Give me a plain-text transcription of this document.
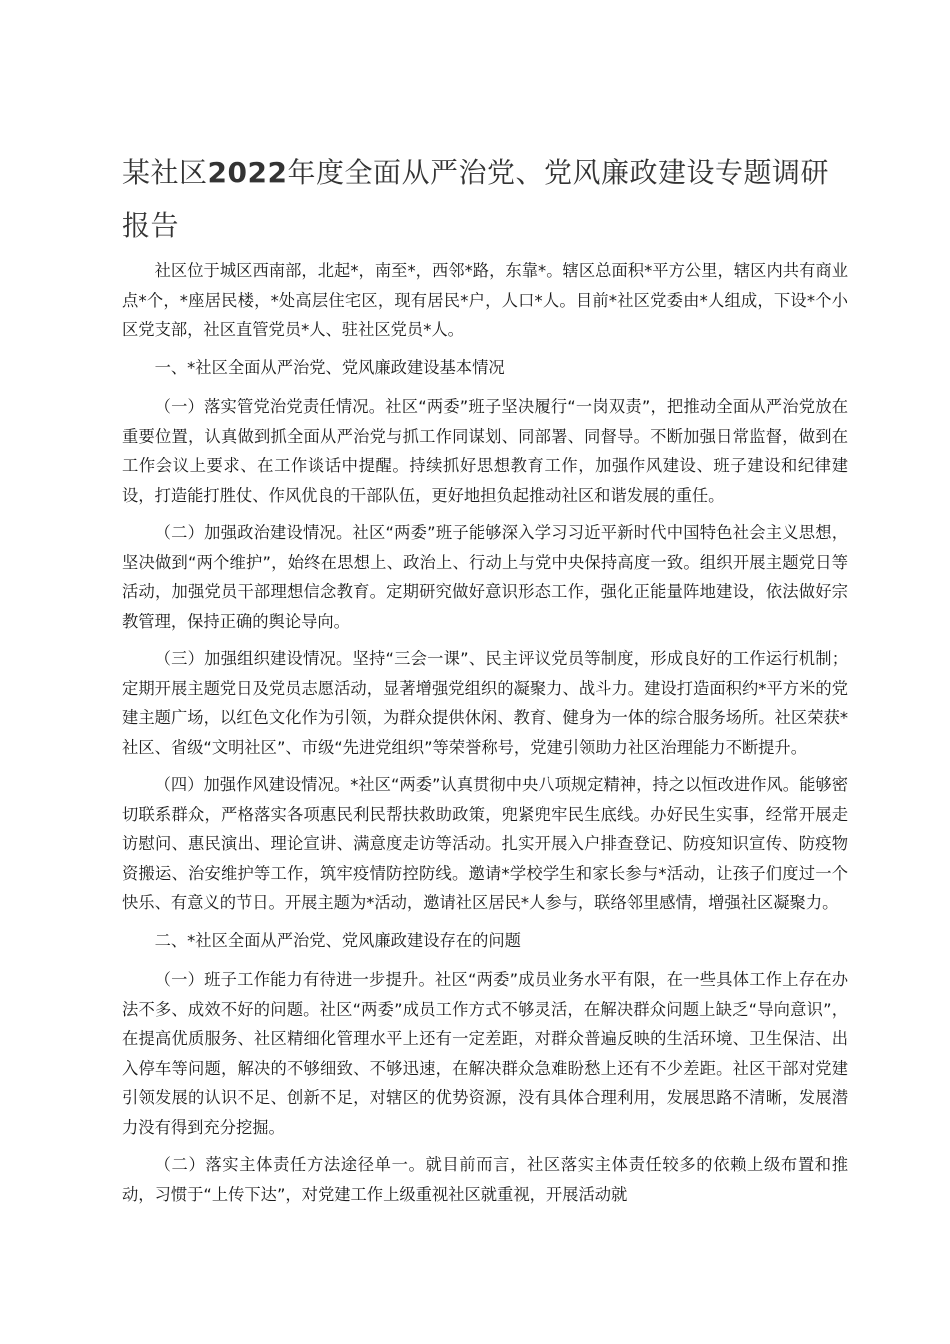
某社区2022年度全面从严治党、党风廉政建设专题调研报告

社区位于城区西南部，北起*，南至*，西邻*路，东靠*。辖区总面积*平方公里，辖区内共有商业点*个，*座居民楼，*处高层住宅区，现有居民*户，人口*人。目前*社区党委由*人组成，下设*个小区党支部，社区直管党员*人、驻社区党员*人。

一、*社区全面从严治党、党风廉政建设基本情况

（一）落实管党治党责任情况。社区“两委”班子坚决履行“一岗双责”，把推动全面从严治党放在重要位置，认真做到抓全面从严治党与抓工作同谋划、同部署、同督导。不断加强日常监督，做到在工作会议上要求、在工作谈话中提醒。持续抓好思想教育工作，加强作风建设、班子建设和纪律建设，打造能打胜仗、作风优良的干部队伍，更好地担负起推动社区和谐发展的重任。

（二）加强政治建设情况。社区“两委”班子能够深入学习习近平新时代中国特色社会主义思想，坚决做到“两个维护”，始终在思想上、政治上、行动上与党中央保持高度一致。组织开展主题党日等活动，加强党员干部理想信念教育。定期研究做好意识形态工作，强化正能量阵地建设，依法做好宗教管理，保持正确的舆论导向。

（三）加强组织建设情况。坚持“三会一课”、民主评议党员等制度，形成良好的工作运行机制；定期开展主题党日及党员志愿活动，显著增强党组织的凝聚力、战斗力。建设打造面积约*平方米的党建主题广场，以红色文化作为引领，为群众提供休闲、教育、健身为一体的综合服务场所。社区荣获*社区、省级“文明社区”、市级“先进党组织”等荣誉称号，党建引领助力社区治理能力不断提升。

（四）加强作风建设情况。*社区“两委”认真贯彻中央八项规定精神，持之以恒改进作风。能够密切联系群众，严格落实各项惠民利民帮扶救助政策，兜紧兜牢民生底线。办好民生实事，经常开展走访慰问、惠民演出、理论宣讲、满意度走访等活动。扎实开展入户排查登记、防疫知识宣传、防疫物资搬运、治安维护等工作，筑牢疫情防控防线。邀请*学校学生和家长参与*活动，让孩子们度过一个快乐、有意义的节日。开展主题为*活动，邀请社区居民*人参与，联络邻里感情，增强社区凝聚力。

二、*社区全面从严治党、党风廉政建设存在的问题

（一）班子工作能力有待进一步提升。社区“两委”成员业务水平有限，在一些具体工作上存在办法不多、成效不好的问题。社区“两委”成员工作方式不够灵活，在解决群众问题上缺乏“导向意识”，在提高优质服务、社区精细化管理水平上还有一定差距，对群众普遍反映的生活环境、卫生保洁、出入停车等问题，解决的不够细致、不够迅速，在解决群众急难盼愁上还有不少差距。社区干部对党建引领发展的认识不足、创新不足，对辖区的优势资源，没有具体合理利用，发展思路不清晰，发展潜力没有得到充分挖掘。

（二）落实主体责任方法途径单一。就目前而言，社区落实主体责任较多的依赖上级布置和推动，习惯于“上传下达”，对党建工作上级重视社区就重视，开展活动就
